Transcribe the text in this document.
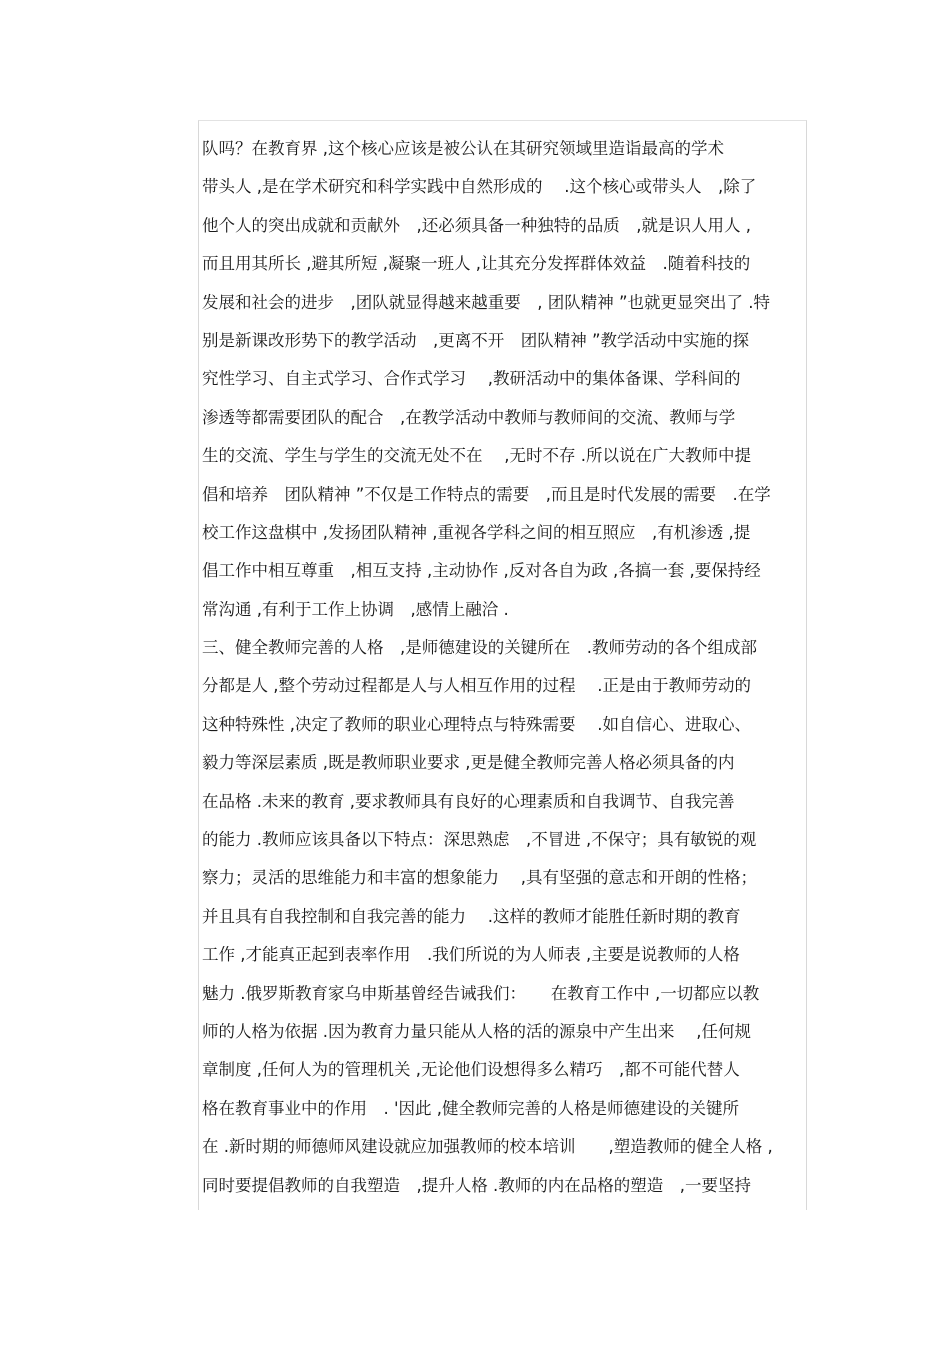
队吗？在教育界 ,这个核心应该是被公认在其研究领域里造诣最高的学术
带头人 ,是在学术研究和科学实践中自然形成的　 .这个核心或带头人　,除了
他个人的突出成就和贡献外　,还必须具备一种独特的品质　,就是识人用人 ,
而且用其所长 ,避其所短 ,凝聚一班人 ,让其充分发挥群体效益　.随着科技的
发展和社会的进步　,团队就显得越来越重要　, 团队精神 ”也就更显突出了 .特
别是新课改形势下的教学活动　,更离不开　团队精神 ”教学活动中实施的探
究性学习、自主式学习、合作式学习　 ,教研活动中的集体备课、学科间的
渗透等都需要团队的配合　,在教学活动中教师与教师间的交流、教师与学
生的交流、学生与学生的交流无处不在　 ,无时不存 .所以说在广大教师中提
倡和培养　团队精神 ”不仅是工作特点的需要　,而且是时代发展的需要　.在学
校工作这盘棋中 ,发扬团队精神 ,重视各学科之间的相互照应　,有机渗透 ,提
倡工作中相互尊重　,相互支持 ,主动协作 ,反对各自为政 ,各搞一套 ,要保持经
常沟通 ,有利于工作上协调　,感情上融洽 .
三、健全教师完善的人格　,是师德建设的关键所在　.教师劳动的各个组成部
分都是人 ,整个劳动过程都是人与人相互作用的过程　 .正是由于教师劳动的
这种特殊性 ,决定了教师的职业心理特点与特殊需要　 .如自信心、进取心、
毅力等深层素质 ,既是教师职业要求 ,更是健全教师完善人格必须具备的内
在品格 .未来的教育 ,要求教师具有良好的心理素质和自我调节、自我完善
的能力 .教师应该具备以下特点：深思熟虑　,不冒进 ,不保守；具有敏锐的观
察力；灵活的思维能力和丰富的想象能力　 ,具有坚强的意志和开朗的性格；
并且具有自我控制和自我完善的能力　 .这样的教师才能胜任新时期的教育
工作 ,才能真正起到表率作用　.我们所说的为人师表 ,主要是说教师的人格
魅力 .俄罗斯教育家乌申斯基曾经告诫我们：　　在教育工作中 ,一切都应以教
师的人格为依据 .因为教育力量只能从人格的活的源泉中产生出来　 ,任何规
章制度 ,任何人为的管理机关 ,无论他们设想得多么精巧　,都不可能代替人
格在教育事业中的作用　. '因此 ,健全教师完善的人格是师德建设的关键所
在 .新时期的师德师风建设就应加强教师的校本培训　　,塑造教师的健全人格 ,
同时要提倡教师的自我塑造　,提升人格 .教师的内在品格的塑造　,一要坚持
